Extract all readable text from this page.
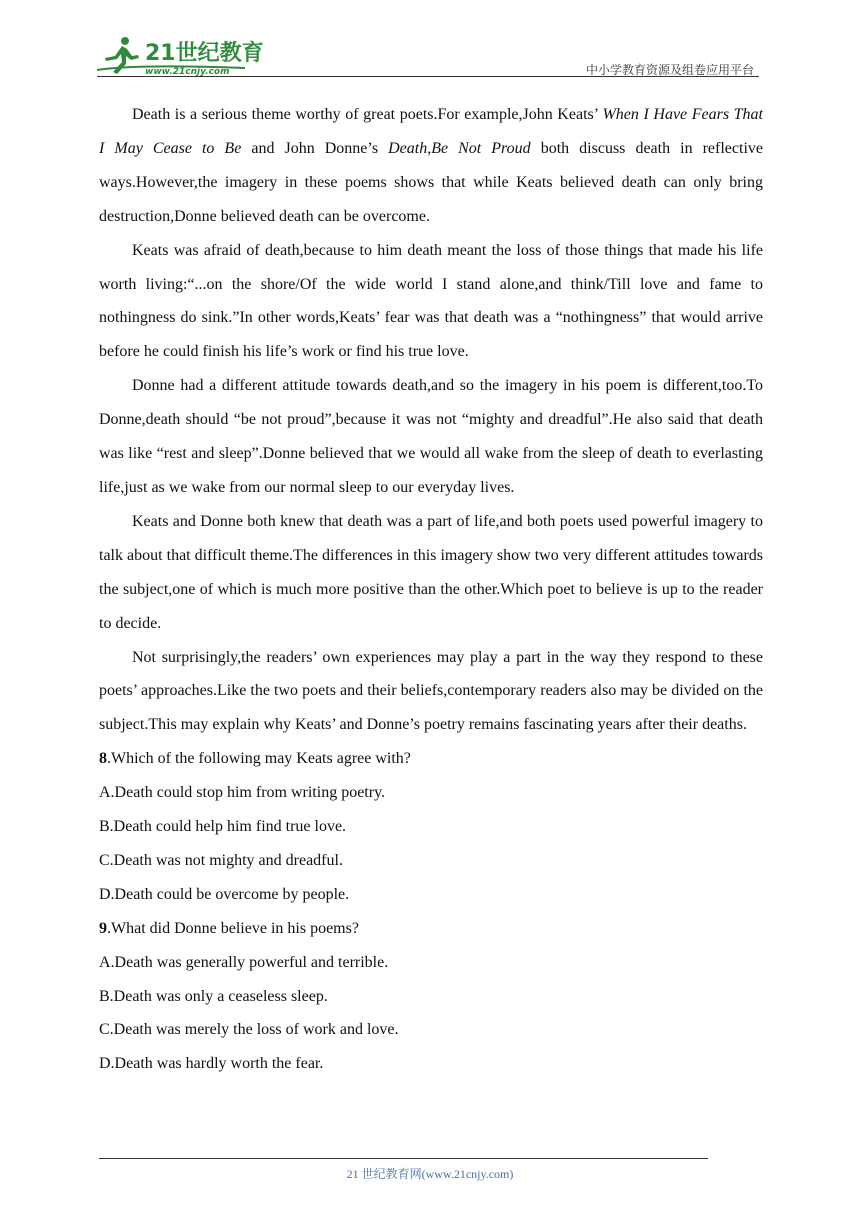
21世纪教育
www.21cnjy.com	中小学教育资源及组卷应用平台

Death is a serious theme worthy of great poets.For example,John Keats’ When I Have Fears That I May Cease to Be and John Donne’s Death,Be Not Proud both discuss death in reflective ways.However,the imagery in these poems shows that while Keats believed death can only bring destruction,Donne believed death can be overcome.

Keats was afraid of death,because to him death meant the loss of those things that made his life worth living:“...on the shore/Of the wide world I stand alone,and think/Till love and fame to nothingness do sink.”In other words,Keats’ fear was that death was a “nothingness” that would arrive before he could finish his life’s work or find his true love.

Donne had a different attitude towards death,and so the imagery in his poem is different,too.To Donne,death should “be not proud”,because it was not “mighty and dreadful”.He also said that death was like “rest and sleep”.Donne believed that we would all wake from the sleep of death to everlasting life,just as we wake from our normal sleep to our everyday lives.

Keats and Donne both knew that death was a part of life,and both poets used powerful imagery to talk about that difficult theme.The differences in this imagery show two very different attitudes towards the subject,one of which is much more positive than the other.Which poet to believe is up to the reader to decide.

Not surprisingly,the readers’ own experiences may play a part in the way they respond to these poets’ approaches.Like the two poets and their beliefs,contemporary readers also may be divided on the subject.This may explain why Keats’ and Donne’s poetry remains fascinating years after their deaths.

8.Which of the following may Keats agree with?

A.Death could stop him from writing poetry.

B.Death could help him find true love.

C.Death was not mighty and dreadful.

D.Death could be overcome by people.

9.What did Donne believe in his poems?

A.Death was generally powerful and terrible.

B.Death was only a ceaseless sleep.

C.Death was merely the loss of work and love.

D.Death was hardly worth the fear.

21 世纪教育网(www.21cnjy.com)
